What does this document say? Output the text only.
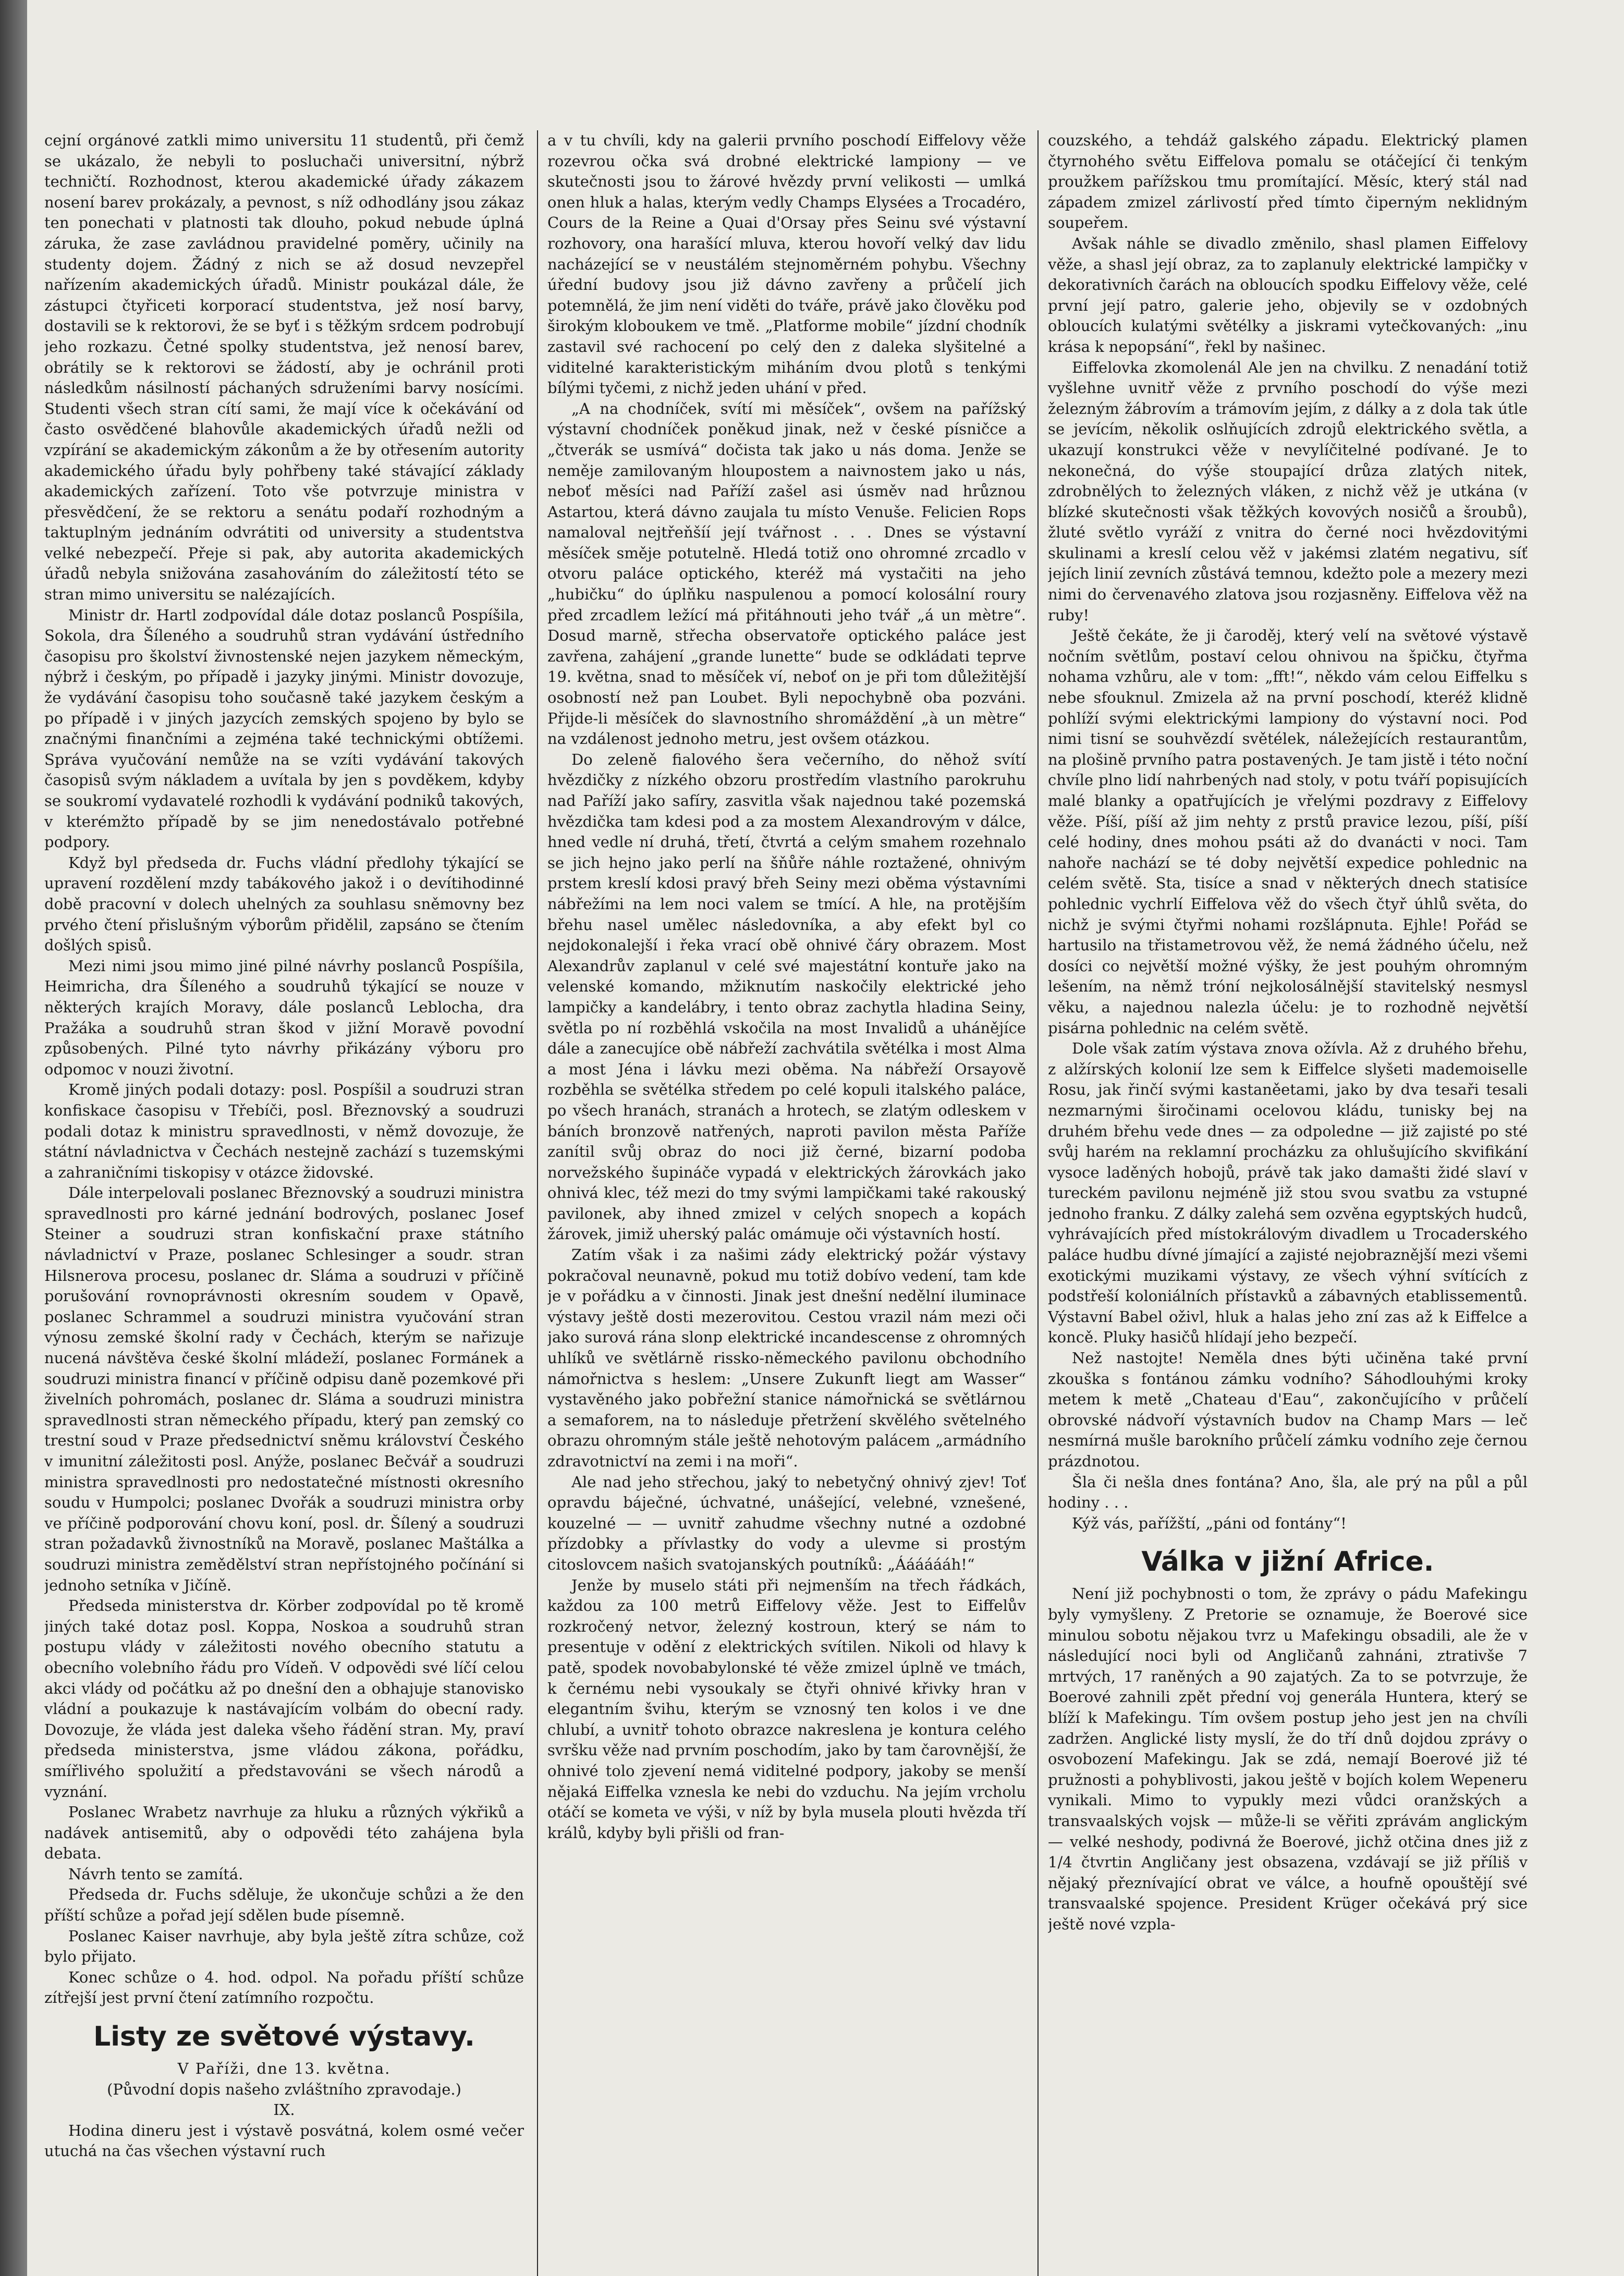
cejní orgánové zatkli mimo universitu 11 studentů, při čemž se ukázalo, že nebyli to posluchači universitní, nýbrž techničtí. Rozhodnost, kterou akademické úřady zákazem nosení barev prokázaly, a pevnost, s níž odhodlány jsou zákaz ten ponechati v platnosti tak dlouho, pokud nebude úplná záruka, že zase zavládnou pravidelné poměry, učinily na studenty dojem. Žádný z nich se až dosud nevzepřel nařízením akademických úřadů. Ministr poukázal dále, že zástupci čtyřiceti korporací studentstva, jež nosí barvy, dostavili se k rektorovi, že se byť i s těžkým srdcem podrobují jeho rozkazu. Četné spolky studentstva, jež nenosí barev, obrátily se k rektorovi se žádostí, aby je ochránil proti následkům násilností páchaných sdruženími barvy nosícími. Studenti všech stran cítí sami, že mají více k očekávání od často osvědčené blahovůle akademických úřadů nežli od vzpírání se akademickým zákonům a že by otřesením autority akademického úřadu byly pohřbeny také stávající základy akademických zařízení. Toto vše potvrzuje ministra v přesvědčení, že se rektoru a senátu podaří rozhodným a taktuplným jednáním odvrátiti od university a studentstva velké nebezpečí. Přeje si pak, aby autorita akademických úřadů nebyla snižována zasahováním do záležitostí této se stran mimo universitu se nalézajících.

Ministr dr. Hartl zodpovídal dále dotaz poslanců Pospíšila, Sokola, dra Šíleného a soudruhů stran vydávání ústředního časopisu pro školství živnostenské nejen jazykem německým, nýbrž i českým, po případě i jazyky jinými. Ministr dovozuje, že vydávání časopisu toho současně také jazykem českým a po případě i v jiných jazycích zemských spojeno by bylo se značnými finančními a zejména také technickými obtížemi. Správa vyučování nemůže na se vzíti vydávání takových časopisů svým nákladem a uvítala by jen s povděkem, kdyby se soukromí vydavatelé rozhodli k vydávání podniků takových, v kterémžto případě by se jim nenedostávalo potřebné podpory.

Když byl předseda dr. Fuchs vládní předlohy týkající se upravení rozdělení mzdy tabákového jakož i o devítihodinné době pracovní v dolech uhelných za souhlasu sněmovny bez prvého čtení přislušným výborům přidělil, zapsáno se čtením došlých spisů.

Mezi nimi jsou mimo jiné pilné návrhy poslanců Pospíšila, Heimricha, dra Šíleného a soudruhů týkající se nouze v některých krajích Moravy, dále poslanců Leblocha, dra Pražáka a soudruhů stran škod v jižní Moravě povodní způsobených. Pilné tyto návrhy přikázány výboru pro odpomoc v nouzi životní.

Kromě jiných podali dotazy: posl. Pospíšil a soudruzi stran konfiskace časopisu v Třebíči, posl. Březnovský a soudruzi podali dotaz k ministru spravedlnosti, v němž dovozuje, že státní návladnictva v Čechách nestejně zachází s tuzemskými a zahraničními tiskopisy v otázce židovské.

Dále interpelovali poslanec Březnovský a soudruzi ministra spravedlnosti pro kárné jednání bodrových, poslanec Josef Steiner a soudruzi stran konfiskační praxe státního návladnictví v Praze, poslanec Schlesinger a soudr. stran Hilsnerova procesu, poslanec dr. Sláma a soudruzi v příčině porušování rovnoprávnosti okresním soudem v Opavě, poslanec Schrammel a soudruzi ministra vyučování stran výnosu zemské školní rady v Čechách, kterým se nařizuje nucená návštěva české školní mládeží, poslanec Formánek a soudruzi ministra financí v příčině odpisu daně pozemkové při živelních pohromách, poslanec dr. Sláma a soudruzi ministra spravedlnosti stran německého případu, který pan zemský co trestní soud v Praze předsednictví sněmu království Českého v imunitní záležitosti posl. Anýže, poslanec Bečvář a soudruzi ministra spravedlnosti pro nedostatečné místnosti okresního soudu v Humpolci; poslanec Dvořák a soudruzi ministra orby ve příčině podporování chovu koní, posl. dr. Šílený a soudruzi stran požadavků živnostníků na Moravě, poslanec Maštálka a soudruzi ministra zemědělství stran nepřístojného počínání si jednoho setníka v Jičíně.

Předseda ministerstva dr. Körber zodpovídal po tě kromě jiných také dotaz posl. Koppa, Noskoa a soudruhů stran postupu vlády v záležitosti nového obecního statutu a obecního volebního řádu pro Vídeň. V odpovědi své líčí celou akci vlády od počátku až po dnešní den a obhajuje stanovisko vládní a poukazuje k nastávajícím volbám do obecní rady. Dovozuje, že vláda jest daleka všeho řádění stran. My, praví předseda ministerstva, jsme vládou zákona, pořádku, smířlivého spolužití a představováni se všech národů a vyznání.

Poslanec Wrabetz navrhuje za hluku a různých výkřiků a nadávek antisemitů, aby o odpovědi této zahájena byla debata.

Návrh tento se zamítá.

Předseda dr. Fuchs sděluje, že ukončuje schůzi a že den příští schůze a pořad její sdělen bude písemně.

Poslanec Kaiser navrhuje, aby byla ještě zítra schůze, což bylo přijato.

Konec schůze o 4. hod. odpol. Na pořadu příští schůze zítřejší jest první čtení zatímního rozpočtu.

Listy ze světové výstavy.

V Paříži, dne 13. května.

(Původní dopis našeho zvláštního zpravodaje.)

IX.

Hodina dineru jest i výstavě posvátná, kolem osmé večer utuchá na čas všechen výstavní ruch

a v tu chvíli, kdy na galerii prvního poschodí Eiffelovy věže rozevrou očka svá drobné elektrické lampiony — ve skutečnosti jsou to žárové hvězdy první velikosti — umlká onen hluk a halas, kterým vedly Champs Elysées a Trocadéro, Cours de la Reine a Quai d'Orsay přes Seinu své výstavní rozhovory, ona harašící mluva, kterou hovoří velký dav lidu nacházející se v neustálém stejnoměrném pohybu. Všechny úřední budovy jsou již dávno zavřeny a průčelí jich potemnělá, že jim není viděti do tváře, právě jako člověku pod širokým kloboukem ve tmě. „Platforme mobile“ jízdní chodník zastavil své rachocení po celý den z daleka slyšitelné a viditelné karakteristickým miháním dvou plotů s tenkými bílými tyčemi, z nichž jeden uhání v před.

„A na chodníček, svítí mi měsíček“, ovšem na pařížský výstavní chodníček poněkud jinak, než v české písničce a „čtverák se usmívá“ dočista tak jako u nás doma. Jenže se neměje zamilovaným hloupostem a naivnostem jako u nás, neboť měsíci nad Paříží zašel asi úsměv nad hrůznou Astartou, která dávno zaujala tu místo Venuše. Felicien Rops namaloval nejtřeňšíí její tvářnost . . . Dnes se výstavní měsíček směje potutelně. Hledá totiž ono ohromné zrcadlo v otvoru paláce optického, kteréž má vystačiti na jeho „hubičku“ do úplňku naspulenou a pomocí kolosální roury před zrcadlem ležící má přitáhnouti jeho tvář „á un mètre“. Dosud marně, střecha observatoře optického paláce jest zavřena, zahájení „grande lunette“ bude se odkládati teprve 19. května, snad to měsíček ví, neboť on je při tom důležitější osobností než pan Loubet. Byli nepochybně oba pozváni. Přijde-li měsíček do slavnostního shromáždění „à un mètre“ na vzdálenost jednoho metru, jest ovšem otázkou.

Do zeleně fialového šera večerního, do něhož svítí hvězdičky z nízkého obzoru prostředím vlastního parokruhu nad Paříží jako safíry, zasvitla však najednou také pozemská hvězdička tam kdesi pod a za mostem Alexandrovým v dálce, hned vedle ní druhá, třetí, čtvrtá a celým smahem rozehnalo se jich hejno jako perlí na šňůře náhle roztažené, ohnivým prstem kreslí kdosi pravý břeh Seiny mezi oběma výstavními nábřežími na lem noci valem se tmící. A hle, na protějším břehu nasel umělec následovníka, a aby efekt byl co nejdokonalejší i řeka vrací obě ohnivé čáry obrazem. Most Alexandrův zaplanul v celé své majestátní kontuře jako na velenské komando, mžiknutím naskočily elektrické jeho lampičky a kandelábry, i tento obraz zachytla hladina Seiny, světla po ní rozběhlá vskočila na most Invalidů a uhánějíce dále a zanecujíce obě nábřeží zachvátila světélka i most Alma a most Jéna i lávku mezi oběma. Na nábřeží Orsayově rozběhla se světélka středem po celé kopuli italského paláce, po všech hranách, stranách a hrotech, se zlatým odleskem v báních bronzově natřených, naproti pavilon města Paříže zanítil svůj obraz do noci již černé, bizarní podoba norvežského šupináče vypadá v elektrických žárovkách jako ohnivá klec, též mezi do tmy svými lampičkami také rakouský pavilonek, aby ihned zmizel v celých snopech a kopách žárovek, jimiž uherský palác omámuje oči výstavních hostí.

Zatím však i za našimi zády elektrický požár výstavy pokračoval neunavně, pokud mu totiž dobívo vedení, tam kde je v pořádku a v činnosti. Jinak jest dnešní nedělní iluminace výstavy ještě dosti mezerovitou. Cestou vrazil nám mezi oči jako surová rána slonp elektrické incandescense z ohromných uhlíků ve světlárně rissko-německého pavilonu obchodního námořnictva s heslem: „Unsere Zukunft liegt am Wasser“ vystavěného jako pobřežní stanice námořnická se světlárnou a semaforem, na to následuje přetržení skvělého světelného obrazu ohromným stále ještě nehotovým palácem „armádního zdravotnictví na zemi i na moři“.

Ale nad jeho střechou, jaký to nebetyčný ohnivý zjev! Toť opravdu báječné, úchvatné, unášející, velebné, vznešené, kouzelné — — uvnitř zahudme všechny nutné a ozdobné přízdobky a přívlastky do vody a ulevme si prostým citoslovcem našich svatojanských poutníků: „Ááááááh!“

Jenže by muselo státi při nejmenším na třech řádkách, každou za 100 metrů Eiffelovy věže. Jest to Eiffelův rozkročený netvor, železný kostroun, který se nám to presentuje v odění z elektrických svítilen. Nikoli od hlavy k patě, spodek novobabylonské té věže zmizel úplně ve tmách, k černému nebi vysoukaly se čtyři ohnivé křivky hran v elegantním švihu, kterým se vznosný ten kolos i ve dne chlubí, a uvnitř tohoto obrazce nakreslena je kontura celého svršku věže nad prvním poschodím, jako by tam čarovnější, že ohnivé tolo zjevení nemá viditelné podpory, jakoby se menší nějaká Eiffelka vznesla ke nebi do vzduchu. Na jejím vrcholu otáčí se kometa ve výši, v níž by byla musela plouti hvězda tří králů, kdyby byli přišli od fran-

couzského, a tehdáž galského západu. Elektrický plamen čtyrnohého světu Eiffelova pomalu se otáčející či tenkým proužkem pařížskou tmu promítající. Měsíc, který stál nad západem zmizel zárlivostí před tímto čiperným neklidným soupeřem.

Avšak náhle se divadlo změnilo, shasl plamen Eiffelovy věže, a shasl její obraz, za to zaplanuly elektrické lampičky v dekorativních čarách na obloucích spodku Eiffelovy věže, celé první její patro, galerie jeho, objevily se v ozdobných obloucích kulatými světélky a jiskrami vytečkovaných: „inu krása k nepopsání“, řekl by našinec.

Eiffelovka zkomolenál Ale jen na chvilku. Z nenadání totiž vyšlehne uvnitř věže z prvního poschodí do výše mezi železným žábrovím a trámovím jejím, z dálky a z dola tak útle se jevícím, několik oslňujících zdrojů elektrického světla, a ukazují konstrukci věže v nevylíčitelné podívané. Je to nekonečná, do výše stoupající drůza zlatých nitek, zdrobnělých to železných vláken, z nichž věž je utkána (v blízké skutečnosti však těžkých kovových nosičů a šroubů), žluté světlo vyráží z vnitra do černé noci hvězdovitými skulinami a kreslí celou věž v jakémsi zlatém negativu, síť jejích linií zevních zůstává temnou, kdežto pole a mezery mezi nimi do červenavého zlatova jsou rozjasněny. Eiffelova věž na ruby!

Ještě čekáte, že ji čaroděj, který velí na světové výstavě nočním světlům, postaví celou ohnivou na špičku, čtyřma nohama vzhůru, ale v tom: „fft!“, někdo vám celou Eiffelku s nebe sfouknul. Zmizela až na první poschodí, kteréž klidně pohlíží svými elektrickými lampiony do výstavní noci. Pod nimi tisní se souhvězdí světélek, náležejících restaurantům, na plošině prvního patra postavených. Je tam jistě i této noční chvíle plno lidí nahrbených nad stoly, v potu tváří popisujících malé blanky a opatřujících je vřelými pozdravy z Eiffelovy věže. Píší, píší až jim nehty z prstů pravice lezou, píší, píší celé hodiny, dnes mohou psáti až do dvanácti v noci. Tam nahoře nachází se té doby největší expedice pohlednic na celém světě. Sta, tisíce a snad v některých dnech statisíce pohlednic vychrlí Eiffelova věž do všech čtyř úhlů světa, do nichž je svými čtyřmi nohami rozšlápnuta. Ejhle! Pořád se hartusilo na třistametrovou věž, že nemá žádného účelu, než dosíci co největší možné výšky, že jest pouhým ohromným lešením, na němž tróní nejkolosálnější stavitelský nesmysl věku, a najednou nalezla účelu: je to rozhodně největší pisárna pohlednic na celém světě.

Dole však zatím výstava znova ožívla. Až z druhého břehu, z alžírských kolonií lze sem k Eiffelce slyšeti mademoiselle Rosu, jak řinčí svými kastaněetami, jako by dva tesaři tesali nezmarnými širočinami ocelovou kládu, tunisky bej na druhém břehu vede dnes — za odpoledne — již zajisté po sté svůj harém na reklamní procházku za ohlušujícího skvifikání vysoce laděných hobojů, právě tak jako damašti židé slaví v tureckém pavilonu nejméně již stou svou svatbu za vstupné jednoho franku. Z dálky zalehá sem ozvěna egyptských hudců, vyhrávajících před místokrálovým divadlem u Trocaderského paláce hudbu dívné jímající a zajisté nejobraznější mezi všemi exotickými muzikami výstavy, ze všech výhní svítících z podstřeší koloniálních přístavků a zábavných etablissementů. Výstavní Babel oživl, hluk a halas jeho zní zas až k Eiffelce a koncě. Pluky hasičů hlídají jeho bezpečí.

Než nastojte! Neměla dnes býti učiněna také první zkouška s fontánou zámku vodního? Sáhodlouhými kroky metem k metě „Chateau d'Eau“, zakončujícího v průčelí obrovské nádvoří výstavních budov na Champ Mars — leč nesmírná mušle barokního průčelí zámku vodního zeje černou prázdnotou.

Šla či nešla dnes fontána? Ano, šla, ale prý na půl a půl hodiny . . .

Kýž vás, pařížští, „páni od fontány“!

Válka v jižní Africe.

Není již pochybnosti o tom, že zprávy o pádu Mafekingu byly vymyšleny. Z Pretorie se oznamuje, že Boerové sice minulou sobotu nějakou tvrz u Mafekingu obsadili, ale že v následující noci byli od Angličanů zahnáni, ztrativše 7 mrtvých, 17 raněných a 90 zajatých. Za to se potvrzuje, že Boerové zahnili zpět přední voj generála Huntera, který se blíží k Mafekingu. Tím ovšem postup jeho jest jen na chvíli zadržen. Anglické listy myslí, že do tří dnů dojdou zprávy o osvobození Mafekingu. Jak se zdá, nemají Boerové již té pružnosti a pohyblivosti, jakou ještě v bojích kolem Wepeneru vynikali. Mimo to vypukly mezi vůdci oranžských a transvaalských vojsk — může-li se věřiti zprávám anglickým — velké neshody, podivná že Boerové, jichž otčina dnes již z 1/4 čtvrtin Angličany jest obsazena, vzdávají se již příliš v nějaký přeznívající obrat ve válce, a houfně opouštějí své transvaalské spojence. President Krüger očekává prý sice ještě nové vzpla-
